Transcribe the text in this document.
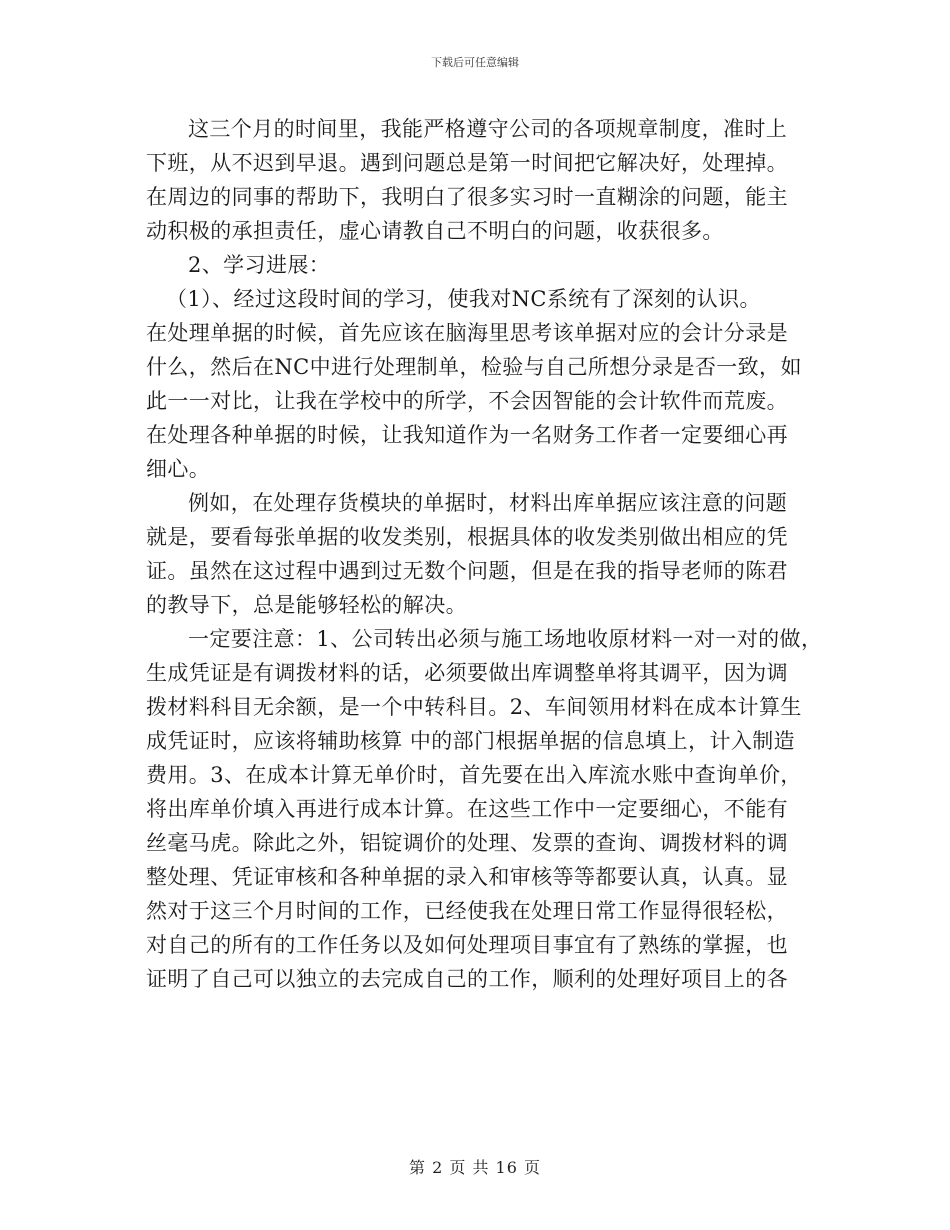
下载后可任意编辑
这三个月的时间里，我能严格遵守公司的各项规章制度，准时上
下班，从不迟到早退。遇到问题总是第一时间把它解决好，处理掉。
在周边的同事的帮助下，我明白了很多实习时一直糊涂的问题，能主
动积极的承担责任，虚心请教自己不明白的问题，收获很多。
2、学习进展：
（1）、经过这段时间的学习，使我对NC系统有了深刻的认识。
在处理单据的时候，首先应该在脑海里思考该单据对应的会计分录是
什么，然后在NC中进行处理制单，检验与自己所想分录是否一致，如
此一一对比，让我在学校中的所学，不会因智能的会计软件而荒废。
在处理各种单据的时候，让我知道作为一名财务工作者一定要细心再
细心。
例如，在处理存货模块的单据时，材料出库单据应该注意的问题
就是，要看每张单据的收发类别，根据具体的收发类别做出相应的凭
证。虽然在这过程中遇到过无数个问题，但是在我的指导老师的陈君
的教导下，总是能够轻松的解决。
一定要注意：1、公司转出必须与施工场地收原材料一对一对的做，
生成凭证是有调拨材料的话，必须要做出库调整单将其调平，因为调
拨材料科目无余额，是一个中转科目。2、车间领用材料在成本计算生
成凭证时，应该将辅助核算 中的部门根据单据的信息填上，计入制造
费用。3、在成本计算无单价时，首先要在出入库流水账中查询单价，
将出库单价填入再进行成本计算。在这些工作中一定要细心，不能有
丝毫马虎。除此之外，铝锭调价的处理、发票的查询、调拨材料的调
整处理、凭证审核和各种单据的录入和审核等等都要认真，认真。显
然对于这三个月时间的工作，已经使我在处理日常工作显得很轻松，
对自己的所有的工作任务以及如何处理项目事宜有了熟练的掌握，也
证明了自己可以独立的去完成自己的工作，顺利的处理好项目上的各
第 2 页 共 16 页
